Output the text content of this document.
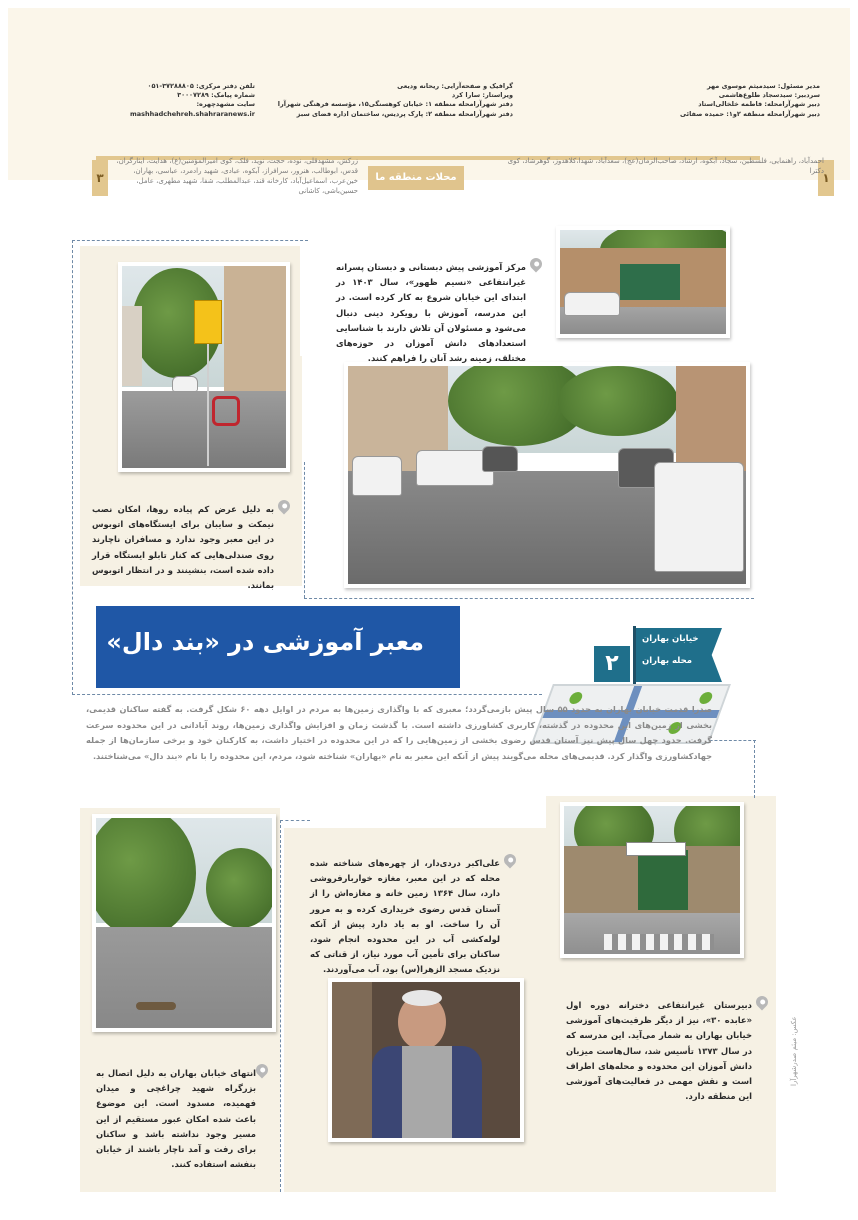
مدیر مسئول: سیدمیثم موسوی مهر
سردبیر: سیدسجاد طلوع‌هاشمی
دبیر شهرآرامحله: فاطمه خلخالی‌استاد
دبیر شهرآرامحله منطقه ۲و۱: حمیده صفائی
گرافیک و صفحه‌آرایی: ریحانه ودیعی
ویراستار: سارا کرد
دفتر شهرآرامحله منطقه ۱: خیابان کوهسنگی۱۵، مؤسسه فرهنگی شهرآرا
دفتر شهرآرامحله منطقه ۲: پارک پردیس، ساختمان اداره فضای سبز
تلفن دفتر مرکزی: ۳۷۲۸۸۸۰۵-۰۵۱
شماره پیامک: ۳۰۰۰۷۲۸۹
سایت مشهدچهره:
mashhadchehreh.shahraranews.ir
۱
احمدآباد، راهنمایی، فلسطین، سجاد، آبکوه، ارشاد، صاحب‌الزمان(عج)، سعدآباد، شهدا،کلاهدوز، گوهرشاد، کوی دکترا
محلات منطقه ما
زرکش، مشهدقلی، نوده، حجت، نوید، فلک، کوی امیرالمؤمنین(ع)، هدایت، ایثارگران، قدس، ابوطالب، هنرور، سرافراز، آبکوه، عبادی، شهید رادمرد، عباسی، بهاران، خین‌عرب، اسماعیل‌آباد، کارخانه قند، عبدالمطلب، شفا، شهید مطهری، عامل، حسین‌باشی، کاشانی
۳
مرکز آموزشی پیش دبستانی و دبستان پسرانه غیرانتفاعی «نسیم ظهور»، سال ۱۴۰۳ در ابتدای این خیابان شروع به کار کرده است. در این مدرسه، آموزش با رویکرد دینی دنبال می‌شود و مسئولان آن تلاش دارند با شناسایی استعدادهای دانش آموزان در حوزه‌های مختلف، زمینه رشد آنان را فراهم کنند.
به دلیل عرض کم پیاده روها، امکان نصب نیمکت و سایبان برای ایستگاه‌های اتوبوس در این معبر وجود ندارد و مسافران ناچارند روی صندلی‌هایی که کنار تابلو ایستگاه قرار داده شده است، بنشینند و در انتظار اتوبوس بمانند.
معبر آموزشی در «بند دال»	خیابان بهاران
محله بهاران
۲
صدرا قدمت خیابان بهاران به حدود ۵۵ سال پیش بازمی‌گردد؛ معبری که با واگذاری زمین‌ها به مردم در اوایل دهه ۶۰ شکل گرفت. به گفته ساکنان قدیمی، بخشی از زمین‌های این محدوده در گذشته، کاربری کشاورزی داشته است. با گذشت زمان و افزایش واگذاری زمین‌ها، روند آبادانی در این محدوده سرعت گرفت. حدود چهل سال پیش نیز آستان قدس رضوی بخشی از زمین‌هایی را که در این محدوده در اختیار داشت، به کارکنان خود و برخی سازمان‌ها از جمله جهادکشاورزی واگذار کرد. قدیمی‌های محله می‌گویند پیش از آنکه این معبر به نام «بهاران» شناخته شود، مردم، این محدوده را با نام «بند دال» می‌شناختند.
علی‌اکبر دردی‌دار، از چهره‌های شناخته شده محله که در این معبر، مغازه خواربارفروشی دارد، سال ۱۳۶۴ زمین خانه و مغازه‌اش را از آستان قدس رضوی خریداری کرده و به مرور آن را ساخت. او به یاد دارد پیش از آنکه لوله‌کشی آب در این محدوده انجام شود، ساکنان برای تأمین آب مورد نیاز، از قناتی که نزدیک مسجد الزهرا(س) بود، آب می‌آوردند.
دبیرستان غیرانتفاعی دخترانه دوره اول «عابده ۳۰»، نیز از دیگر ظرفیت‌های آموزشی خیابان بهاران به شمار می‌آید. این مدرسه که در سال ۱۳۷۳ تأسیس شد، سال‌هاست میزبان دانش آموزان این محدوده و محله‌های اطراف است و نقش مهمی در فعالیت‌های آموزشی این منطقه دارد.
انتهای خیابان بهاران به دلیل اتصال به بزرگراه شهید چراغچی و میدان فهمیده، مسدود است. این موضوع باعث شده امکان عبور مستقیم از این مسیر وجود نداشته باشد و ساکنان برای رفت و آمد ناچار باشند از خیابان بنفشه استفاده کنند.
عکس: میثم صدرشهرآرا
